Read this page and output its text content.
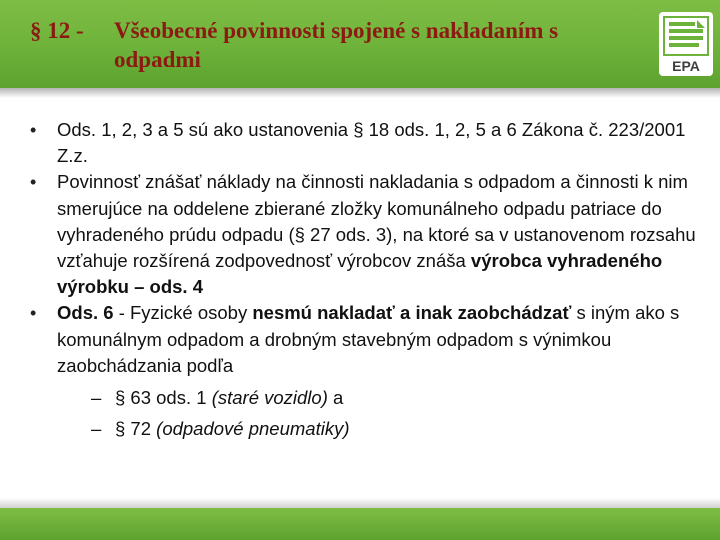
§ 12 -	Všeobecné povinnosti spojené s nakladaním s odpadmi	EPA
• Ods. 1, 2, 3 a 5 sú ako ustanovenia § 18 ods. 1, 2, 5 a 6 Zákona č. 223/2001 Z.z.
• Povinnosť znášať náklady na činnosti nakladania s odpadom a činnosti k nim smerujúce na oddelene zbierané zložky komunálneho odpadu patriace do vyhradeného prúdu odpadu (§ 27 ods. 3), na ktoré sa v ustanovenom rozsahu vzťahuje rozšírená zodpovednosť výrobcov znáša výrobca vyhradeného výrobku – ods. 4
• Ods. 6 - Fyzické osoby nesmú nakladať a inak zaobchádzať s iným ako s komunálnym odpadom a drobným stavebným odpadom s výnimkou zaobchádzania podľa
– § 63 ods. 1 (staré vozidlo) a
– § 72 (odpadové pneumatiky)
